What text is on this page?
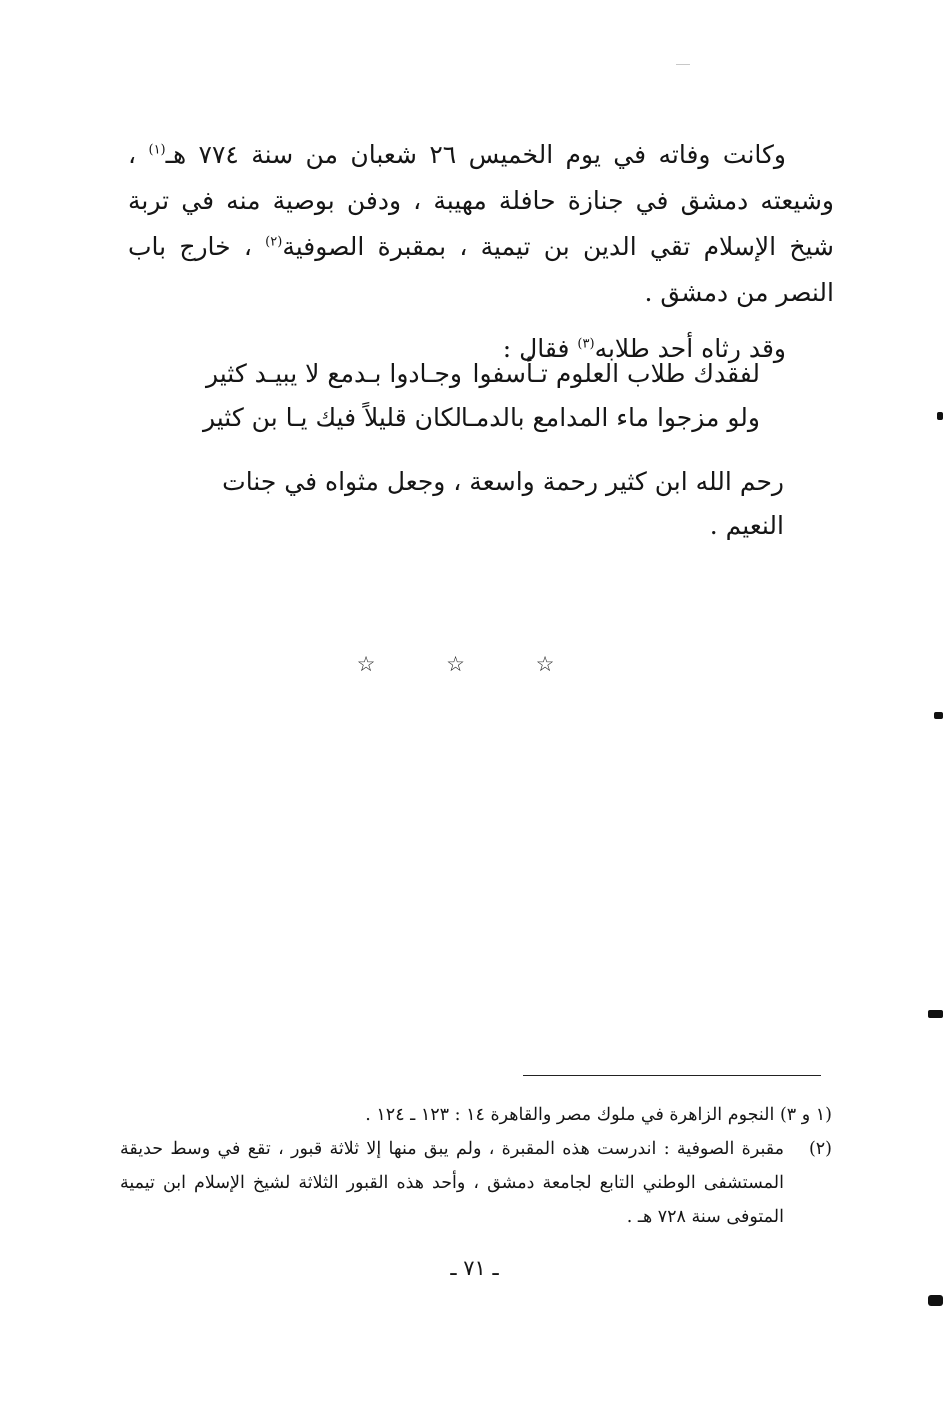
وكانت وفاته في يوم الخميس ٢٦ شعبان من سنة ٧٧٤ هـ$^{(١)}$ ، وشيعته دمشق في جنازة حافلة مهيبة ، ودفن بوصية منه في تربة شيخ الإسلام تقي الدين بن تيمية ، بمقبرة الصوفية$^{(٢)}$ ، خارج باب النصر من دمشق .

وقد رثاه أحد طلابه$^{(٣)}$ فقال :

لفقدك طلاب العلوم تـأسفوا
ولو مزجوا ماء المدامع بالدمـا
وجـادوا بـدمع لا يبيـد كثير
لكان قليلاً فيك يـا بن كثير
رحم الله ابن كثير رحمة واسعة ، وجعل مثواه في جنات النعيم .
☆ ☆ ☆

(١ و ٣) النجوم الزاهرة في ملوك مصر والقاهرة ١٤ : ١٢٣ ـ ١٢٤ .

(٢)
مقبرة الصوفية : اندرست هذه المقبرة ، ولم يبق منها إلا ثلاثة قبور ، تقع في وسط حديقة المستشفى الوطني التابع لجامعة دمشق ، وأحد هذه القبور الثلاثة لشيخ الإسلام ابن تيمية المتوفى سنة ٧٢٨ هـ .
ـ ٧١ ـ
